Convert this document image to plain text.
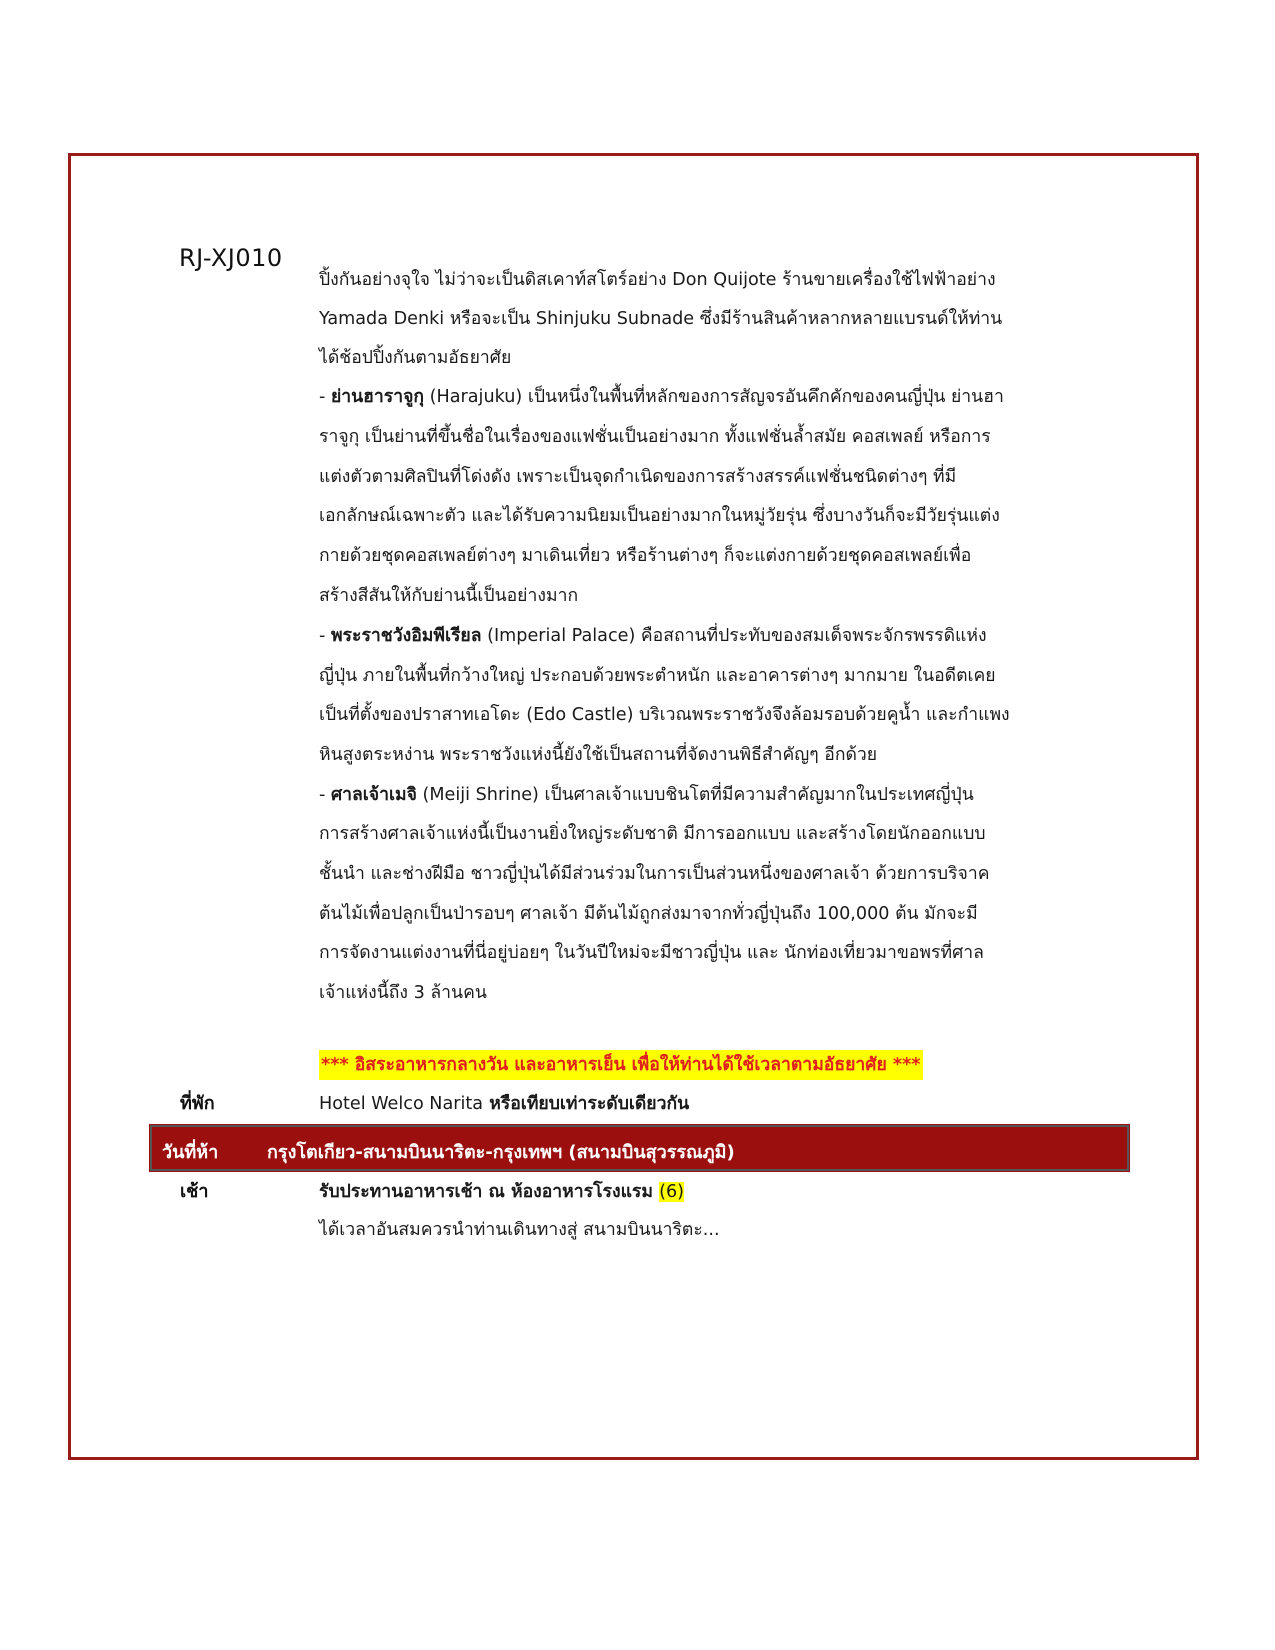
RJ-XJ010
ปิ้งกันอย่างจุใจ ไม่ว่าจะเป็นดิสเคาท์สโตร์อย่าง Don Quijote ร้านขายเครื่องใช้ไฟฟ้าอย่าง
Yamada Denki หรือจะเป็น Shinjuku Subnade ซึ่งมีร้านสินค้าหลากหลายแบรนด์ให้ท่าน
ได้ช้อปปิ้งกันตามอัธยาศัย
- ย่านฮาราจูกุ (Harajuku) เป็นหนึ่งในพื้นที่หลักของการสัญจรอันคึกคักของคนญี่ปุ่น ย่านฮา
ราจูกุ เป็นย่านที่ขึ้นชื่อในเรื่องของแฟชั่นเป็นอย่างมาก ทั้งแฟชั่นล้ำสมัย คอสเพลย์ หรือการ
แต่งตัวตามศิลปินที่โด่งดัง เพราะเป็นจุดกำเนิดของการสร้างสรรค์แฟชั่นชนิดต่างๆ ที่มี
เอกลักษณ์เฉพาะตัว และได้รับความนิยมเป็นอย่างมากในหมู่วัยรุ่น ซึ่งบางวันก็จะมีวัยรุ่นแต่ง
กายด้วยชุดคอสเพลย์ต่างๆ มาเดินเที่ยว หรือร้านต่างๆ ก็จะแต่งกายด้วยชุดคอสเพลย์เพื่อ
สร้างสีสันให้กับย่านนี้เป็นอย่างมาก
- พระราชวังอิมพีเรียล (Imperial Palace) คือสถานที่ประทับของสมเด็จพระจักรพรรดิแห่ง
ญี่ปุ่น ภายในพื้นที่กว้างใหญ่ ประกอบด้วยพระตำหนัก และอาคารต่างๆ มากมาย ในอดีตเคย
เป็นที่ตั้งของปราสาทเอโดะ (Edo Castle) บริเวณพระราชวังจึงล้อมรอบด้วยคูน้ำ และกำแพง
หินสูงตระหง่าน พระราชวังแห่งนี้ยังใช้เป็นสถานที่จัดงานพิธีสำคัญๆ อีกด้วย
- ศาลเจ้าเมจิ (Meiji Shrine) เป็นศาลเจ้าแบบชินโตที่มีความสำคัญมากในประเทศญี่ปุ่น
การสร้างศาลเจ้าแห่งนี้เป็นงานยิ่งใหญ่ระดับชาติ มีการออกแบบ และสร้างโดยนักออกแบบ
ชั้นนำ และช่างฝีมือ ชาวญี่ปุ่นได้มีส่วนร่วมในการเป็นส่วนหนึ่งของศาลเจ้า ด้วยการบริจาค
ต้นไม้เพื่อปลูกเป็นป่ารอบๆ ศาลเจ้า มีต้นไม้ถูกส่งมาจากทั่วญี่ปุ่นถึง 100,000 ต้น มักจะมี
การจัดงานแต่งงานที่นี่อยู่บ่อยๆ ในวันปีใหม่จะมีชาวญี่ปุ่น และ นักท่องเที่ยวมาขอพรที่ศาล
เจ้าแห่งนี้ถึง 3 ล้านคน
*** อิสระอาหารกลางวัน และอาหารเย็น เพื่อให้ท่านได้ใช้เวลาตามอัธยาศัย ***
ที่พัก	Hotel Welco Narita หรือเทียบเท่าระดับเดียวกัน
วันที่ห้า	กรุงโตเกียว-สนามบินนาริตะ-กรุงเทพฯ (สนามบินสุวรรณภูมิ)
เช้า	รับประทานอาหารเช้า ณ ห้องอาหารโรงแรม (6)
ได้เวลาอันสมควรนำท่านเดินทางสู่ สนามบินนาริตะ...
